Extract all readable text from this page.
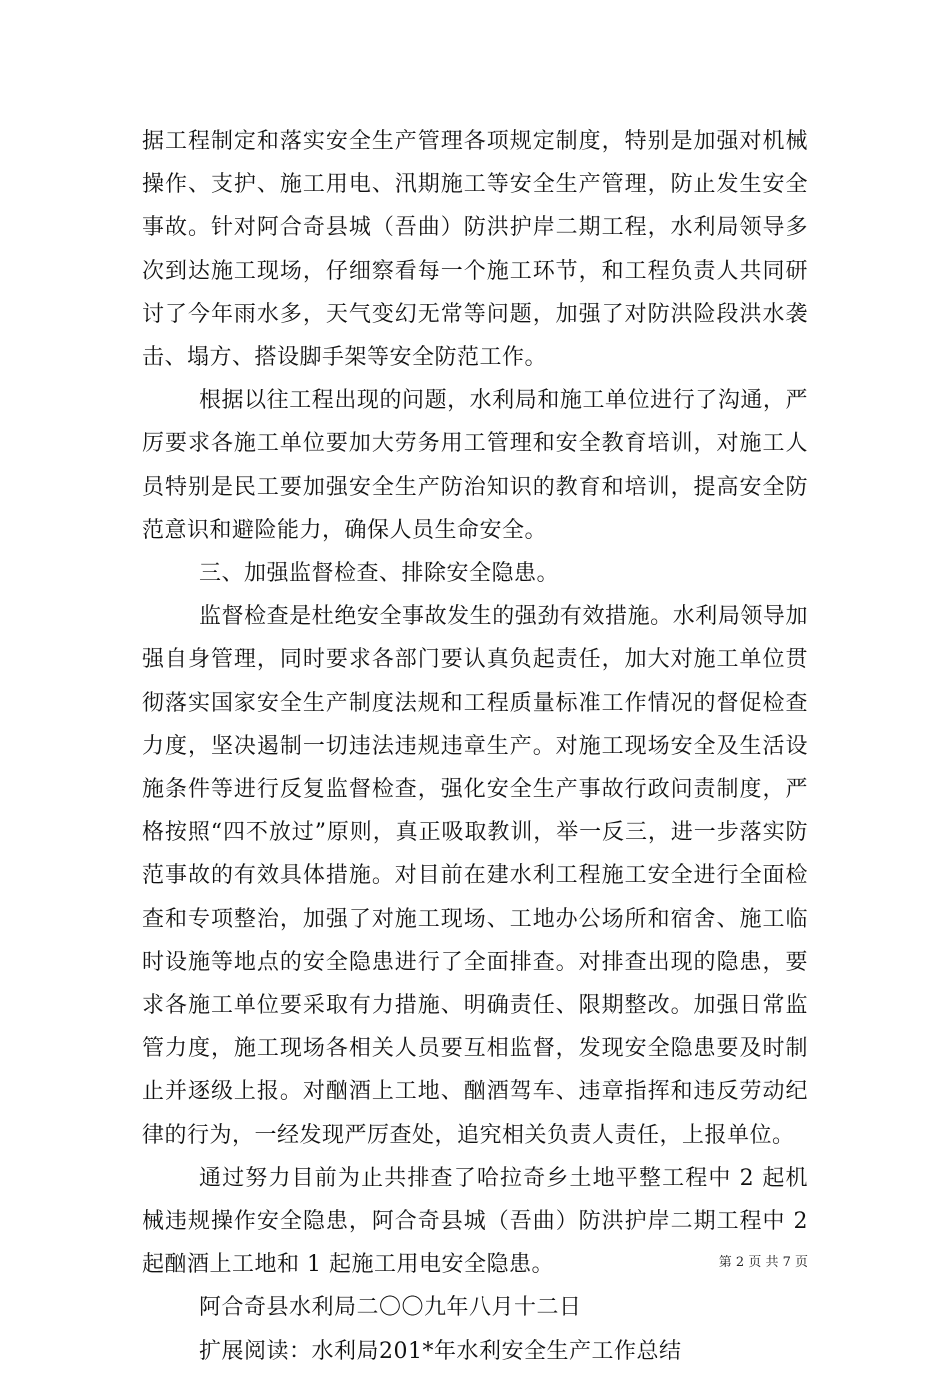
据工程制定和落实安全生产管理各项规定制度，特别是加强对机械操作、支护、施工用电、汛期施工等安全生产管理，防止发生安全事故。针对阿合奇县城（吾曲）防洪护岸二期工程，水利局领导多次到达施工现场，仔细察看每一个施工环节，和工程负责人共同研讨了今年雨水多，天气变幻无常等问题，加强了对防洪险段洪水袭击、塌方、搭设脚手架等安全防范工作。

根据以往工程出现的问题，水利局和施工单位进行了沟通，严厉要求各施工单位要加大劳务用工管理和安全教育培训，对施工人员特别是民工要加强安全生产防治知识的教育和培训，提高安全防范意识和避险能力，确保人员生命安全。

三、加强监督检查、排除安全隐患。

监督检查是杜绝安全事故发生的强劲有效措施。水利局领导加强自身管理，同时要求各部门要认真负起责任，加大对施工单位贯彻落实国家安全生产制度法规和工程质量标准工作情况的督促检查力度，坚决遏制一切违法违规违章生产。对施工现场安全及生活设施条件等进行反复监督检查，强化安全生产事故行政问责制度，严格按照“四不放过”原则，真正吸取教训，举一反三，进一步落实防范事故的有效具体措施。对目前在建水利工程施工安全进行全面检查和专项整治，加强了对施工现场、工地办公场所和宿舍、施工临时设施等地点的安全隐患进行了全面排查。对排查出现的隐患，要求各施工单位要采取有力措施、明确责任、限期整改。加强日常监管力度，施工现场各相关人员要互相监督，发现安全隐患要及时制止并逐级上报。对酗酒上工地、酗酒驾车、违章指挥和违反劳动纪律的行为，一经发现严厉查处，追究相关负责人责任，上报单位。

通过努力目前为止共排查了哈拉奇乡土地平整工程中 2 起机械违规操作安全隐患，阿合奇县城（吾曲）防洪护岸二期工程中 2 起酗酒上工地和 1 起施工用电安全隐患。

阿合奇县水利局二〇〇九年八月十二日

扩展阅读：水利局201*年水利安全生产工作总结

第 2 页 共 7 页
